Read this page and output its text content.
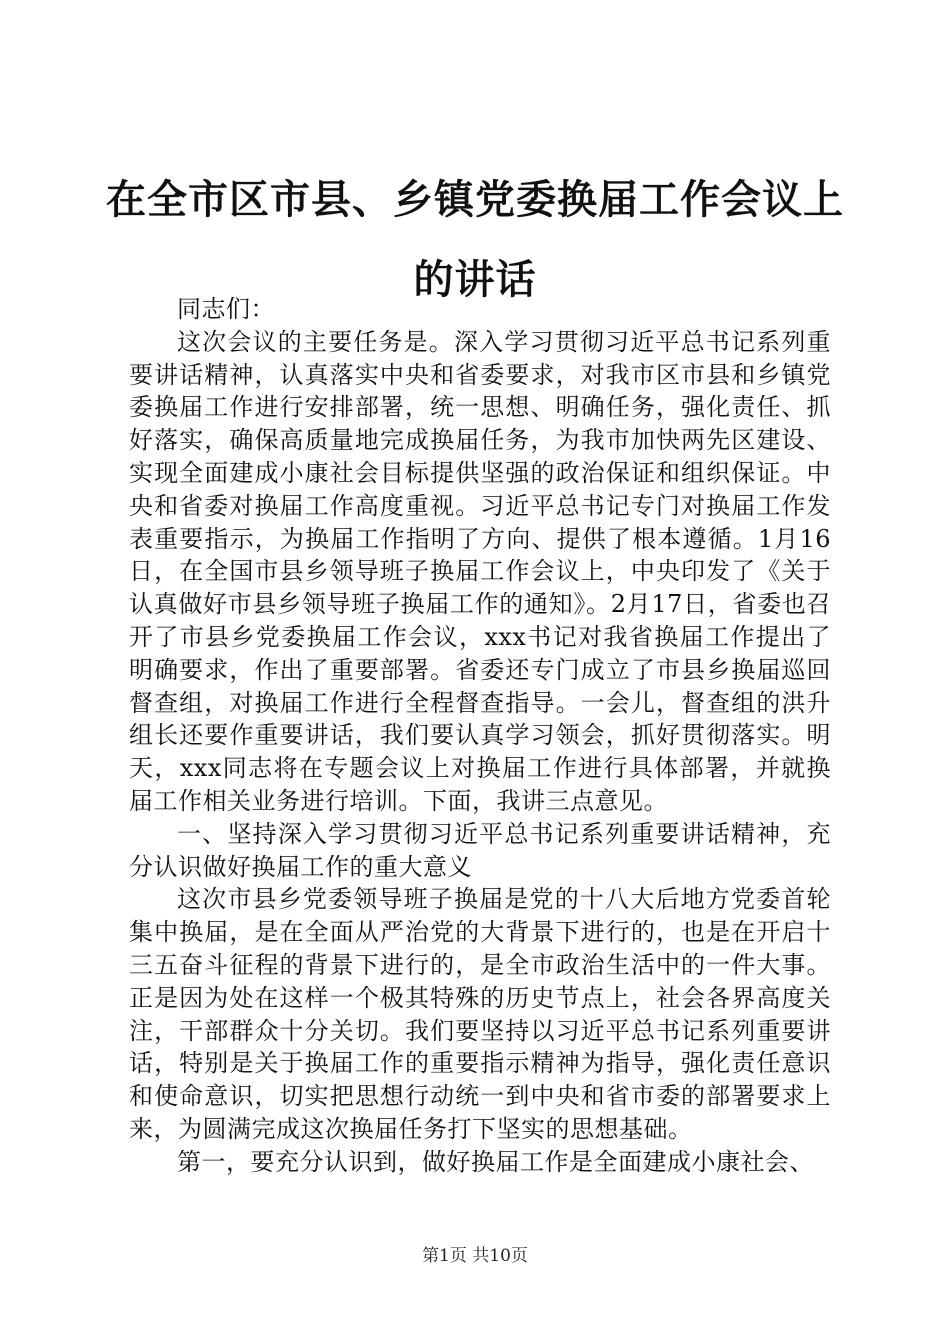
在全市区市县、乡镇党委换届工作会议上的讲话

同志们：

这次会议的主要任务是。深入学习贯彻习近平总书记系列重要讲话精神，认真落实中央和省委要求，对我市区市县和乡镇党委换届工作进行安排部署，统一思想、明确任务，强化责任、抓好落实，确保高质量地完成换届任务，为我市加快两先区建设、实现全面建成小康社会目标提供坚强的政治保证和组织保证。中央和省委对换届工作高度重视。习近平总书记专门对换届工作发表重要指示，为换届工作指明了方向、提供了根本遵循。1月16日，在全国市县乡领导班子换届工作会议上，中央印发了《关于认真做好市县乡领导班子换届工作的通知》。2月17日，省委也召开了市县乡党委换届工作会议，xxx书记对我省换届工作提出了明确要求，作出了重要部署。省委还专门成立了市县乡换届巡回督查组，对换届工作进行全程督查指导。一会儿，督查组的洪升组长还要作重要讲话，我们要认真学习领会，抓好贯彻落实。明天，xxx同志将在专题会议上对换届工作进行具体部署，并就换届工作相关业务进行培训。下面，我讲三点意见。

一、坚持深入学习贯彻习近平总书记系列重要讲话精神，充分认识做好换届工作的重大意义

这次市县乡党委领导班子换届是党的十八大后地方党委首轮集中换届，是在全面从严治党的大背景下进行的，也是在开启十三五奋斗征程的背景下进行的，是全市政治生活中的一件大事。正是因为处在这样一个极其特殊的历史节点上，社会各界高度关注，干部群众十分关切。我们要坚持以习近平总书记系列重要讲话，特别是关于换届工作的重要指示精神为指导，强化责任意识和使命意识，切实把思想行动统一到中央和省市委的部署要求上来，为圆满完成这次换届任务打下坚实的思想基础。

第一，要充分认识到，做好换届工作是全面建成小康社会、

第1页 共10页
